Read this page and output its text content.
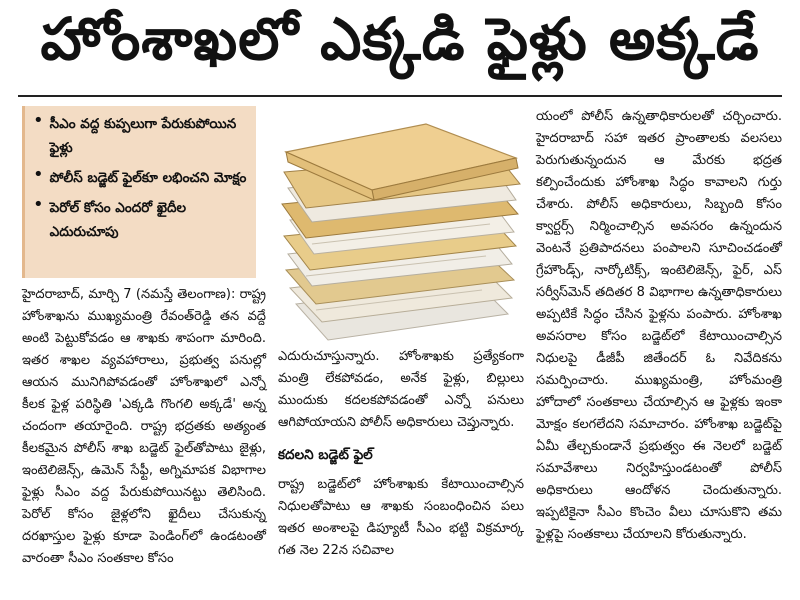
హోంశాఖలో ఎక్కడి ఫైళ్లు అక్కడే
• సీఎం వద్ద కుప్పలుగా పేరుకుపోయిన ఫైళ్లు
• పోలీస్ బడ్జెట్ ఫైల్‌కూ లభించని మోక్షం
• పెరోల్ కోసం ఎందరో ఖైదీల ఎదురుచూపు

హైదరాబాద్, మార్చి 7 (నమస్తే తెలంగాణ): రాష్ట్ర హోంశాఖను ముఖ్యమంత్రి రేవంత్‌రెడ్డి తన వద్దే అంటి పెట్టుకోవడం ఆ శాఖకు శాపంగా మారింది. ఇతర శాఖల వ్యవహారాలు, ప్రభుత్వ పనుల్లో ఆయన మునిగిపోవడంతో హోంశాఖలో ఎన్నో కీలక ఫైళ్ల పరిస్థితి 'ఎక్కడి గొంగలి అక్కడే' అన్న చందంగా తయారైంది. రాష్ట్ర భద్రతకు అత్యంత కీలకమైన పోలీస్ శాఖ బడ్జెట్ ఫైల్‌తోపాటు జైళ్లు, ఇంటెలిజెన్స్, ఉమెన్ సేఫ్టీ, అగ్నిమాపక విభాగాల ఫైళ్లు సీఎం వద్ద పేరుకుపోయినట్టు తెలిసింది. పెరోల్ కోసం జైళ్లలోని ఖైదీలు చేసుకున్న దరఖాస్తుల ఫైళ్లు కూడా పెండింగ్‌లో ఉండటంతో వారంతా సీఎం సంతకాల కోసం

ఎదురుచూస్తున్నారు. హోంశాఖకు ప్రత్యేకంగా మంత్రి లేకపోవడం, అనేక ఫైళ్లు, బిల్లులు ముందుకు కదలకపోవడంతో ఎన్నో పనులు ఆగిపోయాయని పోలీస్ అధికారులు చెప్తున్నారు.

కదలని బడ్జెట్ ఫైల్

రాష్ట్ర బడ్జెట్‌లో హోంశాఖకు కేటాయించాల్సిన నిధులతోపాటు ఆ శాఖకు సంబంధించిన పలు ఇతర అంశాలపై డిప్యూటీ సీఎం భట్టి విక్రమార్క గత నెల 22న సచివాల

యంలో పోలీస్ ఉన్నతాధికారులతో చర్చించారు. హైదరాబాద్ సహా ఇతర ప్రాంతాలకు వలసలు పెరుగుతున్నందున ఆ మేరకు భద్రత కల్పించేందుకు హోంశాఖ సిద్ధం కావాలని గుర్తు చేశారు. పోలీస్ అధికారులు, సిబ్బంది కోసం క్వార్టర్స్ నిర్మించాల్సిన అవసరం ఉన్నందున వెంటనే ప్రతిపాదనలు పంపాలని సూచించడంతో గ్రేహౌండ్స్, నార్కోటిక్స్, ఇంటెలిజెన్స్, ఫైర్, ఎస్ సర్వీస్‌మెన్ తదితర 8 విభాగాల ఉన్నతాధికారులు అప్పటికే సిద్ధం చేసిన ఫైళ్లను పంపారు. హోంశాఖ అవసరాల కోసం బడ్జెట్‌లో కేటాయించాల్సిన నిధులపై డీజీపీ జితేందర్ ఓ నివేదికను సమర్పించారు. ముఖ్యమంత్రి, హోంమంత్రి హోదాలో సంతకాలు చేయాల్సిన ఆ ఫైళ్లకు ఇంకా మోక్షం కలగలేదని సమాచారం. హోంశాఖ బడ్జెట్‌పై ఏమీ తేల్చకుండానే ప్రభుత్వం ఈ నెలలో బడ్జెట్ సమావేశాలు నిర్వహిస్తుండటంతో పోలీస్ అధికారులు ఆందోళన చెందుతున్నారు. ఇప్పటికైనా సీఎం కొంచెం వీలు చూసుకొని తమ ఫైళ్లపై సంతకాలు చేయాలని కోరుతున్నారు.
